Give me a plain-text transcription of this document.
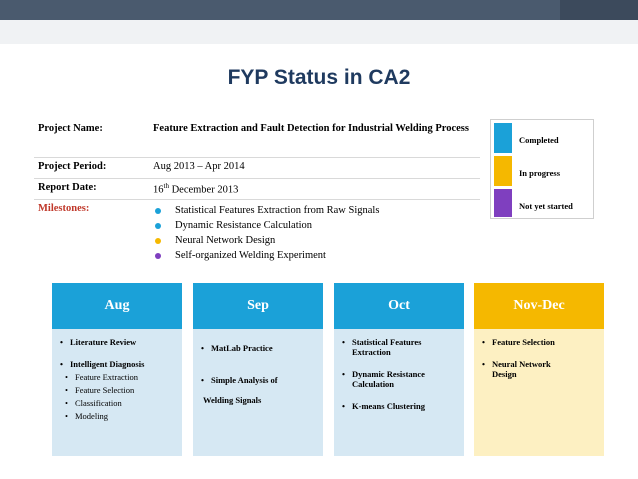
FYP Status in CA2
Project Name:	Feature Extraction and Fault Detection for Industrial Welding Process
Project Period:	Aug 2013 – Apr 2014
Report Date:	16th December 2013
Milestones:	Statistical Features Extraction from Raw Signals
Dynamic Resistance Calculation
Neural Network Design
Self-organized Welding Experiment
Completed
In progress
Not yet started
Aug
• Literature Review
• Intelligent Diagnosis
• Feature Extraction
• Feature Selection
• Classification
• Modeling
Sep
• MatLab Practice
• Simple Analysis of
Welding Signals
Oct
• Statistical Features Extraction
• Dynamic Resistance Calculation
• K-means Clustering
Nov-Dec
• Feature Selection
• Neural Network Design
